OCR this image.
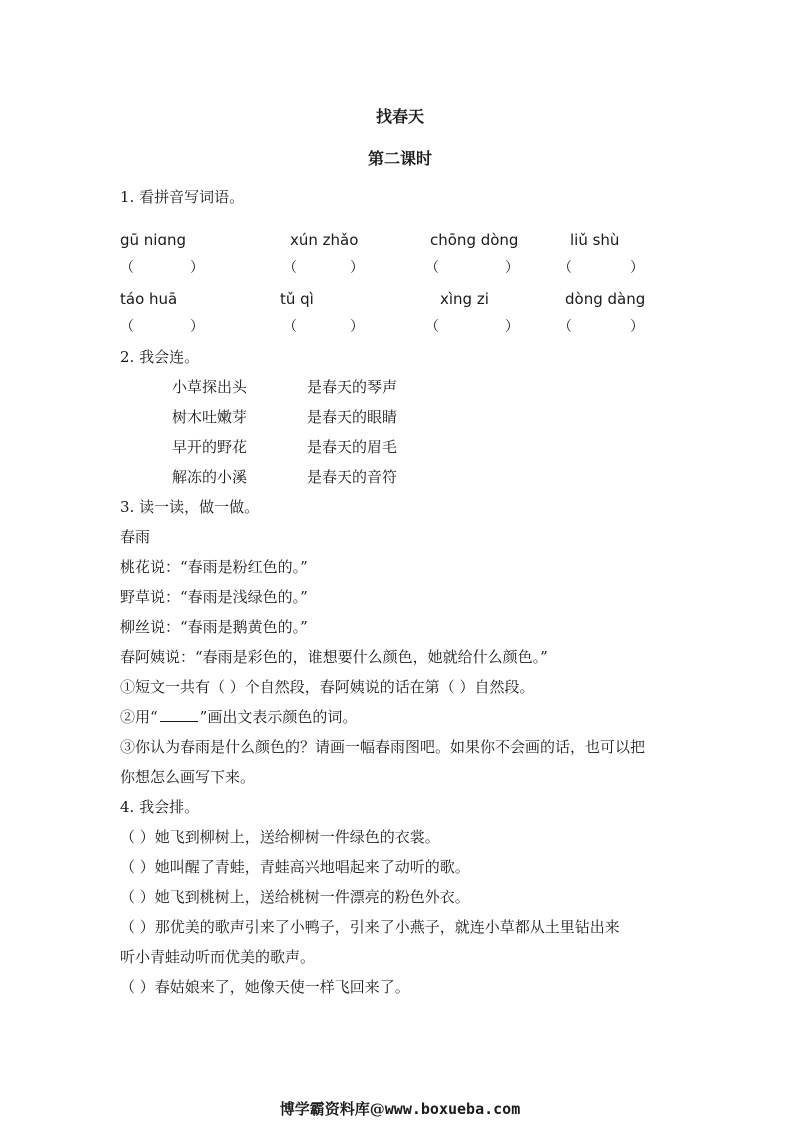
找春天
第二课时
1. 看拼音写词语。
gū niɑng	xún zhǎo	chōng dòng	liǔ shù
（	）	（	）	（	）	（	）
táo huā	tǔ qì	xìng zi	dòng dàng
（	）	（	）	（	）	（	）
2. 我会连。
小草探出头	是春天的琴声
树木吐嫩芽	是春天的眼睛
早开的野花	是春天的眉毛
解冻的小溪	是春天的音符
3. 读一读，做一做。
春雨
桃花说：“春雨是粉红色的。”
野草说：“春雨是浅绿色的。”
柳丝说：“春雨是鹅黄色的。”
春阿姨说：“春雨是彩色的，谁想要什么颜色，她就给什么颜色。”
①短文一共有（ ）个自然段，春阿姨说的话在第（ ）自然段。
②用“	”画出文表示颜色的词。
③你认为春雨是什么颜色的？请画一幅春雨图吧。如果你不会画的话，也可以把
你想怎么画写下来。
4. 我会排。
（ ）她飞到柳树上，送给柳树一件绿色的衣裳。
（ ）她叫醒了青蛙，青蛙高兴地唱起来了动听的歌。
（ ）她飞到桃树上，送给桃树一件漂亮的粉色外衣。
（ ）那优美的歌声引来了小鸭子，引来了小燕子，就连小草都从土里钻出来
听小青蛙动听而优美的歌声。
（ ）春姑娘来了，她像天使一样飞回来了。
博学霸资料库@www.boxueba.com
